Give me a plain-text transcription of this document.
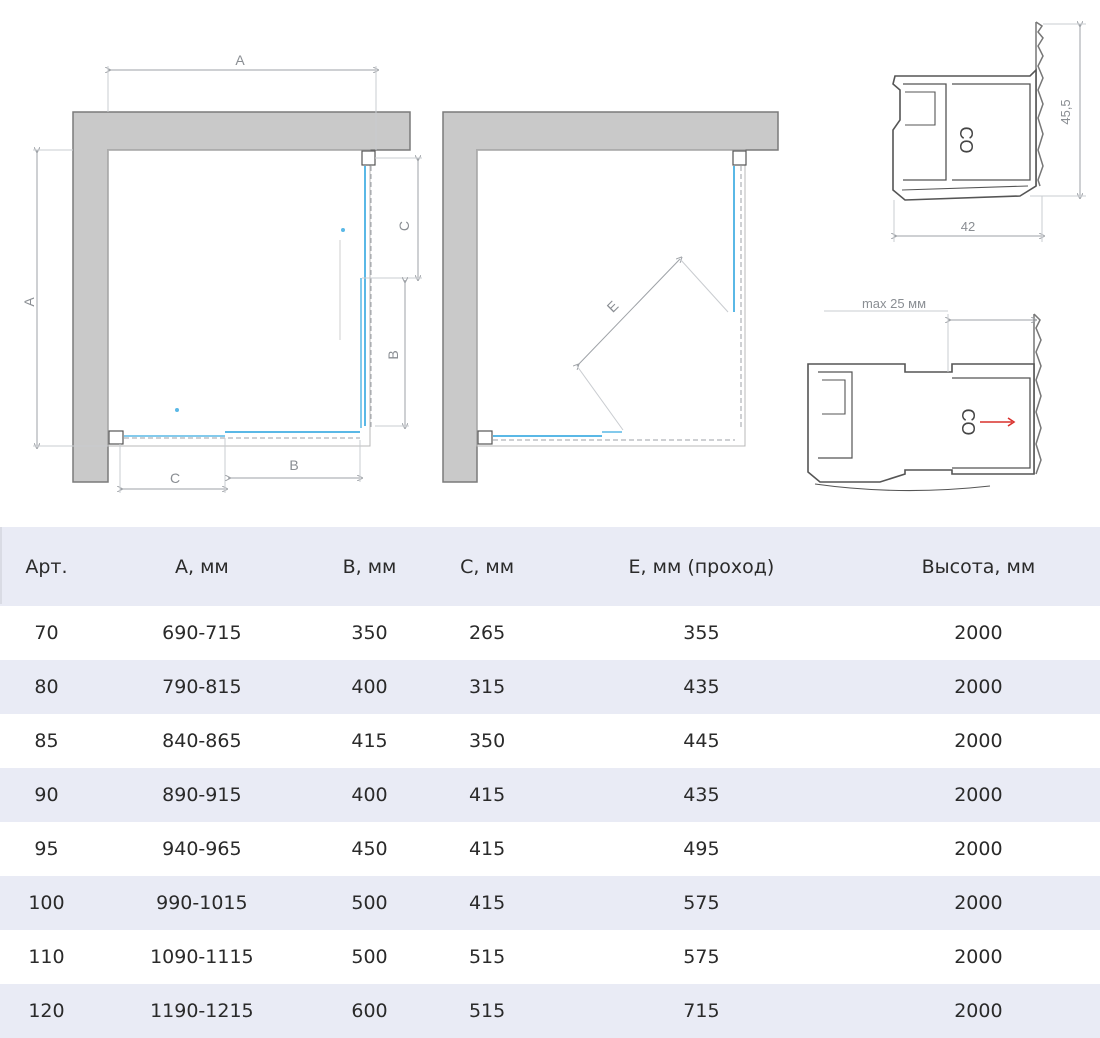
A
A
C
B
C
B
E
CO
45,5
42
CO
max 25 мм
Арт.	А, мм	В, мм	С, мм	Е, мм (проход)	Высота, мм
70	690-715	350	265	355	2000
80	790-815	400	315	435	2000
85	840-865	415	350	445	2000
90	890-915	400	415	435	2000
95	940-965	450	415	495	2000
100	990-1015	500	415	575	2000
110	1090-1115	500	515	575	2000
120	1190-1215	600	515	715	2000
